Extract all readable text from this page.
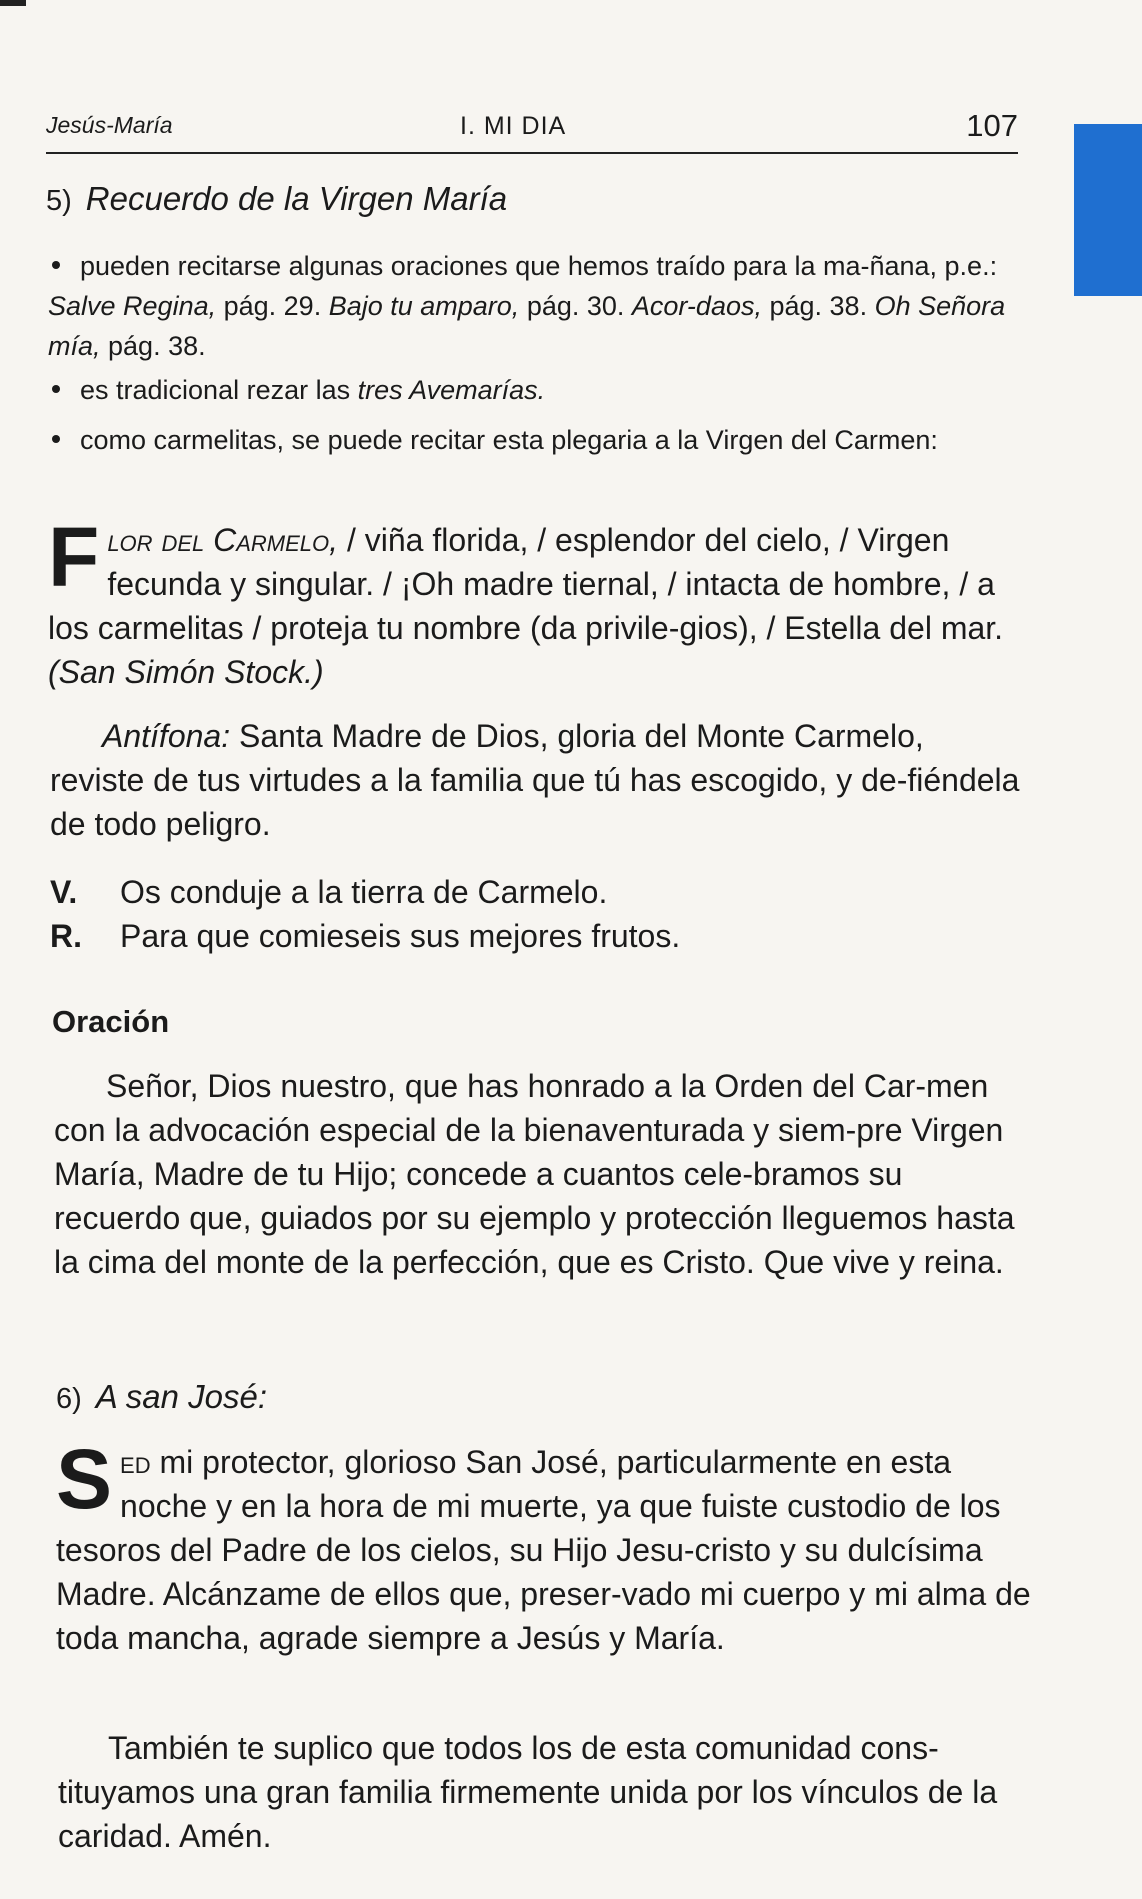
Jesús-María	I. MI DIA	107
5) Recuerdo de la Virgen María
pueden recitarse algunas oraciones que hemos traído para la ma-ñana, p.e.: Salve Regina, pág. 29. Bajo tu amparo, pág. 30. Acor-daos, pág. 38. Oh Señora mía, pág. 38.
es tradicional rezar las tres Avemarías.
como carmelitas, se puede recitar esta plegaria a la Virgen del Carmen:
Flor del Carmelo, / viña florida, / esplendor del cielo, / Virgen fecunda y singular. / ¡Oh madre tiernal, / intacta de hombre, / a los carmelitas / proteja tu nombre (da privile-gios), / Estella del mar. (San Simón Stock.)
Antífona: Santa Madre de Dios, gloria del Monte Carmelo, reviste de tus virtudes a la familia que tú has escogido, y de-fiéndela de todo peligro.
V. Os conduje a la tierra de Carmelo.
R. Para que comieseis sus mejores frutos.
Oración
Señor, Dios nuestro, que has honrado a la Orden del Car-men con la advocación especial de la bienaventurada y siem-pre Virgen María, Madre de tu Hijo; concede a cuantos cele-bramos su recuerdo que, guiados por su ejemplo y protección lleguemos hasta la cima del monte de la perfección, que es Cristo. Que vive y reina.
6) A san José:
Sed mi protector, glorioso San José, particularmente en esta noche y en la hora de mi muerte, ya que fuiste custodio de los tesoros del Padre de los cielos, su Hijo Jesu-cristo y su dulcísima Madre. Alcánzame de ellos que, preser-vado mi cuerpo y mi alma de toda mancha, agrade siempre a Jesús y María.
También te suplico que todos los de esta comunidad cons-tituyamos una gran familia firmemente unida por los vínculos de la caridad. Amén.
